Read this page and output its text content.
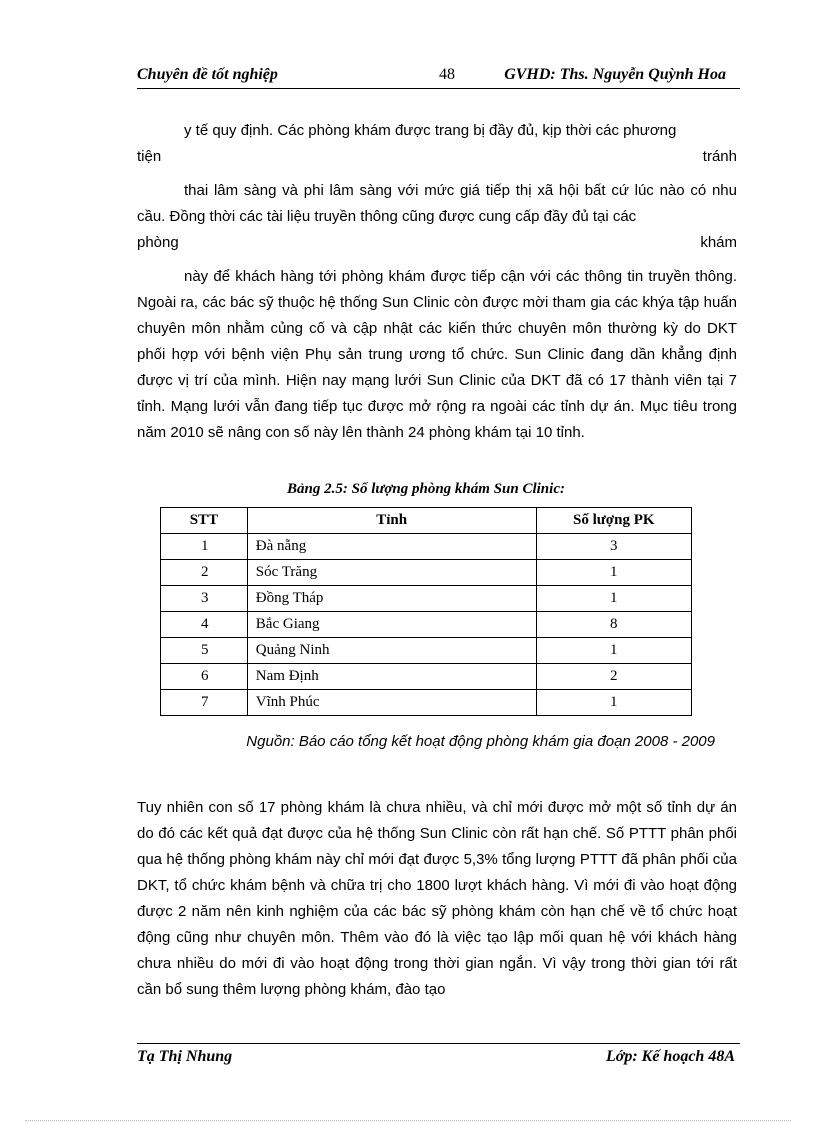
Chuyên đề tốt nghiệp	48	GVHD: Ths. Nguyễn Quỳnh Hoa

y tế quy định. Các phòng khám được trang bị đầy đủ, kịp thời các phương

tiện	tránh

thai lâm sàng và phi lâm sàng với mức giá tiếp thị xã hội bất cứ lúc nào có nhu cầu. Đồng thời các tài liệu truyền thông cũng được cung cấp đầy đủ tại các

phòng	khám

này để khách hàng tới phòng khám được tiếp cận với các thông tin truyền thông. Ngoài ra, các bác sỹ thuộc hệ thống Sun Clinic còn được mời tham gia các khýa tập huấn chuyên môn nhằm củng cố và cập nhật các kiến thức chuyên môn thường kỳ do DKT phối hợp với bệnh viện Phụ sản trung ương tổ chức. Sun Clinic đang dần khẳng định được vị trí của mình. Hiện nay mạng lưới Sun Clinic của DKT đã có 17 thành viên tại 7 tỉnh. Mạng lưới vẫn đang tiếp tục được mở rộng ra ngoài các tỉnh dự án. Mục tiêu trong năm 2010 sẽ nâng con số này lên thành 24 phòng khám tại 10 tỉnh.

Bảng 2.5: Số lượng phòng khám Sun Clinic:
STT	Tỉnh	Số lượng PK
1	Đà nẵng	3
2	Sóc Trăng	1
3	Đồng Tháp	1
4	Bắc Giang	8
5	Quảng Ninh	1
6	Nam Định	2
7	Vĩnh Phúc	1
Nguồn: Báo cáo tổng kết hoạt động phòng khám gia đoạn 2008 - 2009

Tuy nhiên con số 17 phòng khám là chưa nhiều, và chỉ mới được mở một số tỉnh dự án do đó các kết quả đạt được của hệ thống Sun Clinic còn rất hạn chế. Số PTTT phân phối qua hệ thống phòng khám này chỉ mới đạt được 5,3% tổng lượng PTTT đã phân phối của DKT, tổ chức khám bệnh và chữa trị cho 1800 lượt khách hàng. Vì mới đi vào hoạt động được 2 năm nên kinh nghiệm của các bác sỹ phòng khám còn hạn chế về tổ chức hoạt động cũng như chuyên môn. Thêm vào đó là việc tạo lập mối quan hệ với khách hàng chưa nhiều do mới đi vào hoạt động trong thời gian ngắn. Vì vậy trong thời gian tới rất cần bổ sung thêm lượng phòng khám, đào tạo

Tạ Thị Nhung	Lớp: Kế hoạch 48A
